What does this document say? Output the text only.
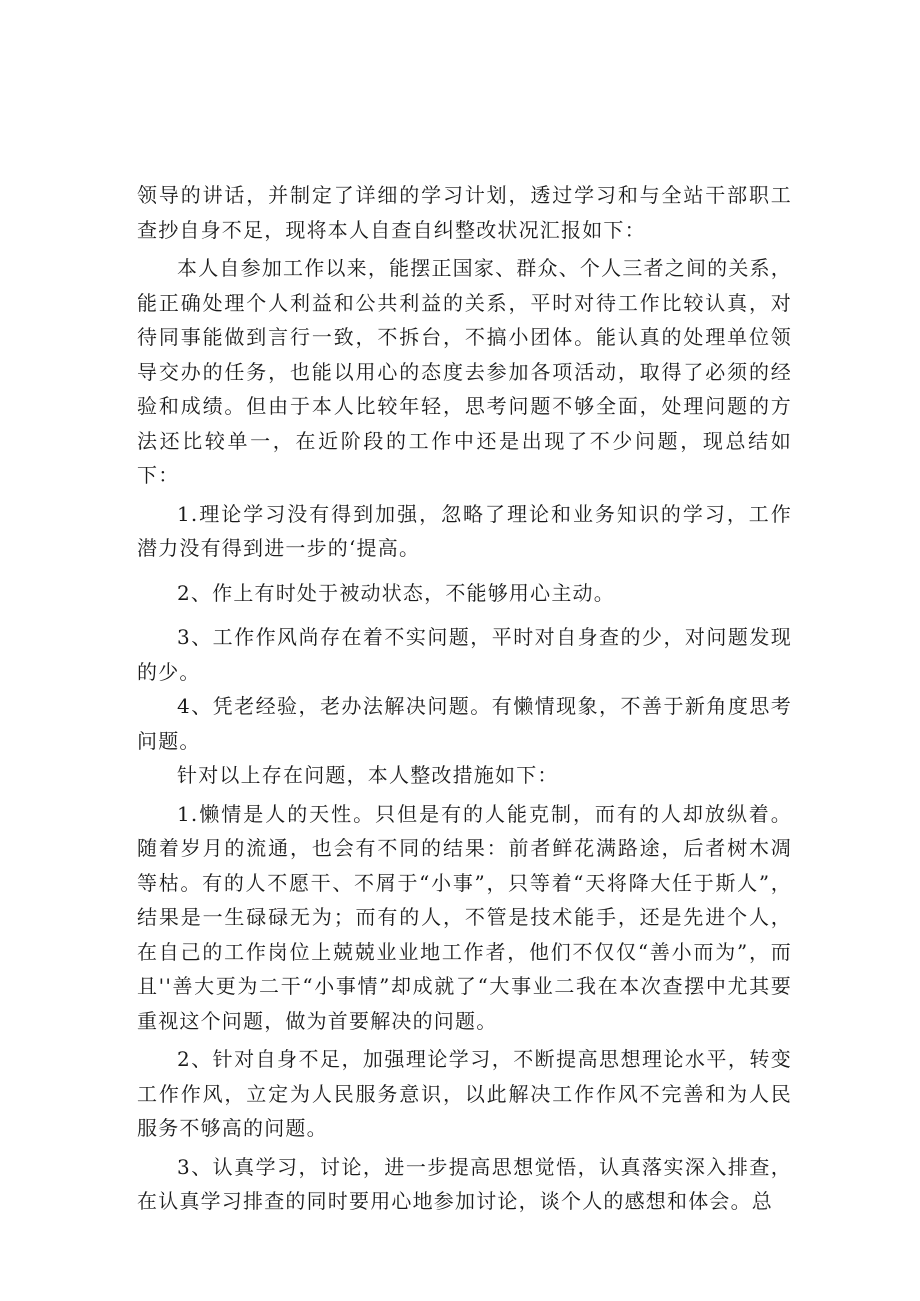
领导的讲话，并制定了详细的学习计划，透过学习和与全站干部职工查抄自身不足，现将本人自查自纠整改状况汇报如下：

本人自参加工作以来，能摆正国家、群众、个人三者之间的关系，能正确处理个人利益和公共利益的关系，平时对待工作比较认真，对待同事能做到言行一致，不拆台，不搞小团体。能认真的处理单位领导交办的任务，也能以用心的态度去参加各项活动，取得了必须的经验和成绩。但由于本人比较年轻，思考问题不够全面，处理问题的方法还比较单一，在近阶段的工作中还是出现了不少问题，现总结如下：

1.理论学习没有得到加强，忽略了理论和业务知识的学习，工作潜力没有得到进一步的‘提高。

2、作上有时处于被动状态，不能够用心主动。

3、工作作风尚存在着不实问题，平时对自身查的少，对问题发现的少。

4、凭老经验，老办法解决问题。有懒情现象，不善于新角度思考问题。

针对以上存在问题，本人整改措施如下：

1.懒情是人的天性。只但是有的人能克制，而有的人却放纵着。随着岁月的流通，也会有不同的结果：前者鲜花满路途，后者树木凋等枯。有的人不愿干、不屑于“小事”，只等着“天将降大任于斯人”，结果是一生碌碌无为；而有的人，不管是技术能手，还是先进个人，在自己的工作岗位上兢兢业业地工作者，他们不仅仅“善小而为”，而且''善大更为二干“小事情”却成就了“大事业二我在本次查摆中尤其要重视这个问题，做为首要解决的问题。

2、针对自身不足，加强理论学习，不断提高思想理论水平，转变工作作风，立定为人民服务意识，以此解决工作作风不完善和为人民服务不够高的问题。

3、认真学习，讨论，进一步提高思想觉悟，认真落实深入排查，在认真学习排查的同时要用心地参加讨论，谈个人的感想和体会。总
